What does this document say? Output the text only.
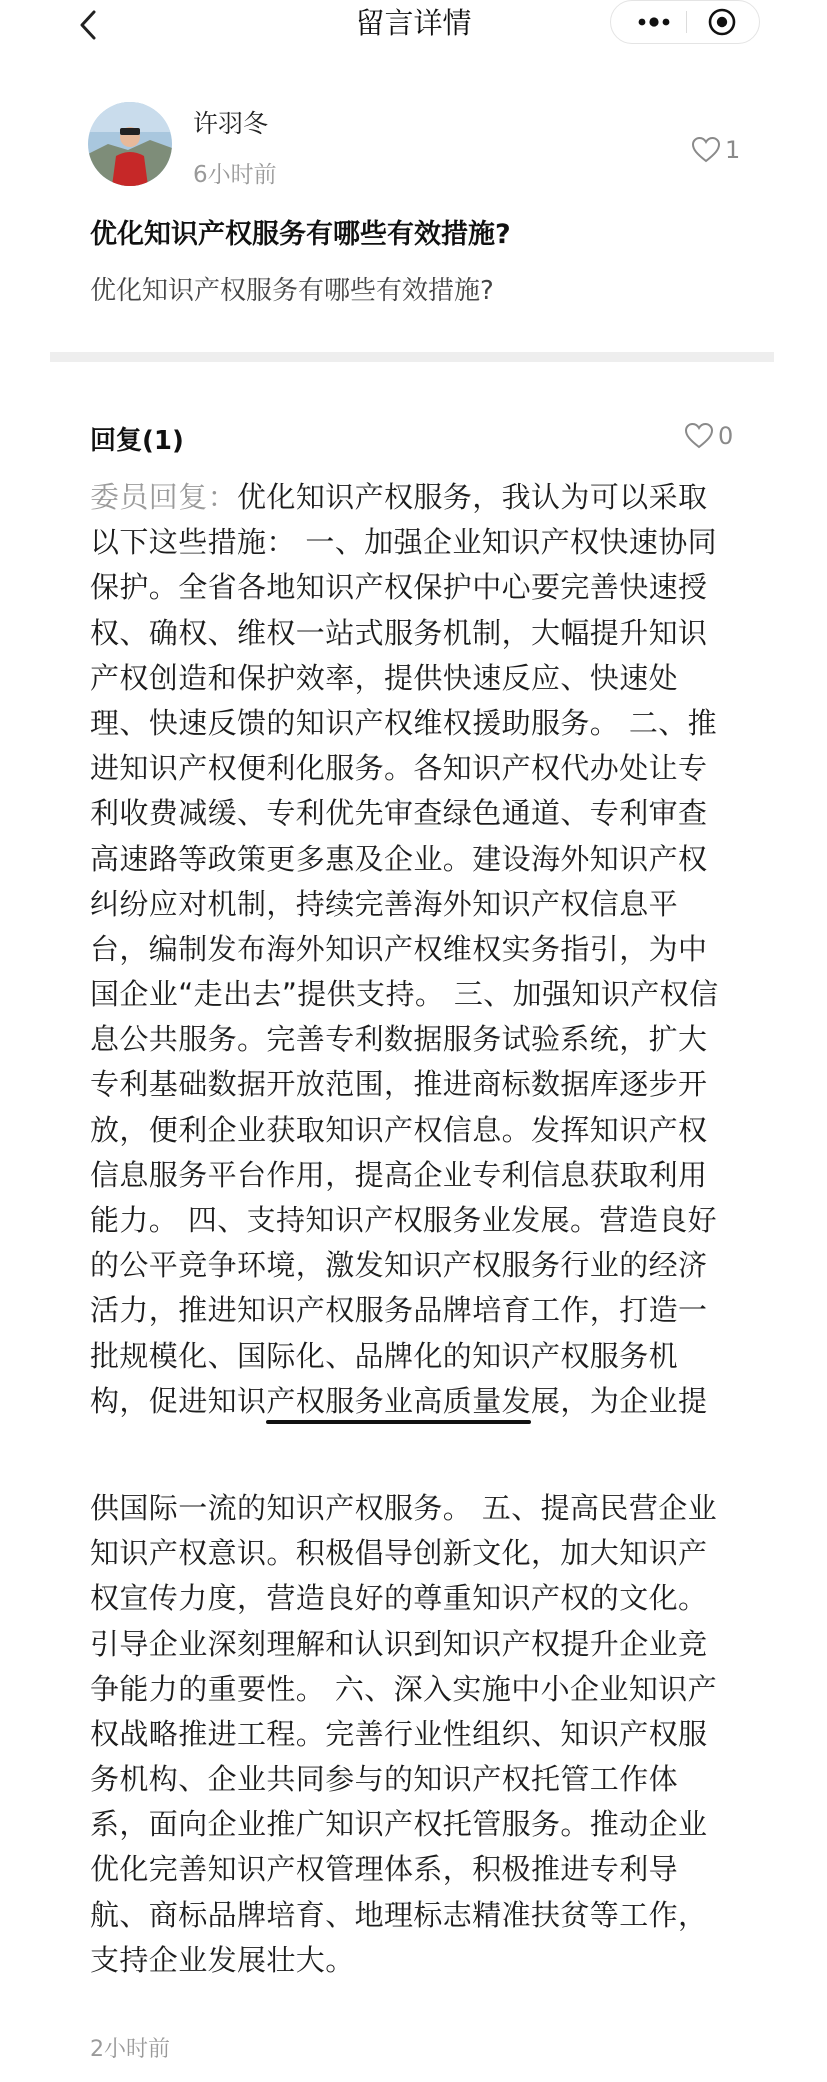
留言详情
许羽冬
6小时前
1
优化知识产权服务有哪些有效措施?
优化知识产权服务有哪些有效措施?
回复(1)	0
委员回复：优化知识产权服务，我认为可以采取
以下这些措施： 一、加强企业知识产权快速协同
保护。全省各地知识产权保护中心要完善快速授
权、确权、维权一站式服务机制，大幅提升知识
产权创造和保护效率，提供快速反应、快速处
理、快速反馈的知识产权维权援助服务。 二、推
进知识产权便利化服务。各知识产权代办处让专
利收费减缓、专利优先审查绿色通道、专利审查
高速路等政策更多惠及企业。建设海外知识产权
纠纷应对机制，持续完善海外知识产权信息平
台，编制发布海外知识产权维权实务指引，为中
国企业“走出去”提供支持。 三、加强知识产权信
息公共服务。完善专利数据服务试验系统，扩大
专利基础数据开放范围，推进商标数据库逐步开
放，便利企业获取知识产权信息。发挥知识产权
信息服务平台作用，提高企业专利信息获取利用
能力。 四、支持知识产权服务业发展。营造良好
的公平竞争环境，激发知识产权服务行业的经济
活力，推进知识产权服务品牌培育工作，打造一
批规模化、国际化、品牌化的知识产权服务机
构，促进知识产权服务业高质量发展，为企业提
供国际一流的知识产权服务。 五、提高民营企业
知识产权意识。积极倡导创新文化，加大知识产
权宣传力度，营造良好的尊重知识产权的文化。
引导企业深刻理解和认识到知识产权提升企业竞
争能力的重要性。 六、深入实施中小企业知识产
权战略推进工程。完善行业性组织、知识产权服
务机构、企业共同参与的知识产权托管工作体
系，面向企业推广知识产权托管服务。推动企业
优化完善知识产权管理体系，积极推进专利导
航、商标品牌培育、地理标志精准扶贫等工作，
支持企业发展壮大。
2小时前
